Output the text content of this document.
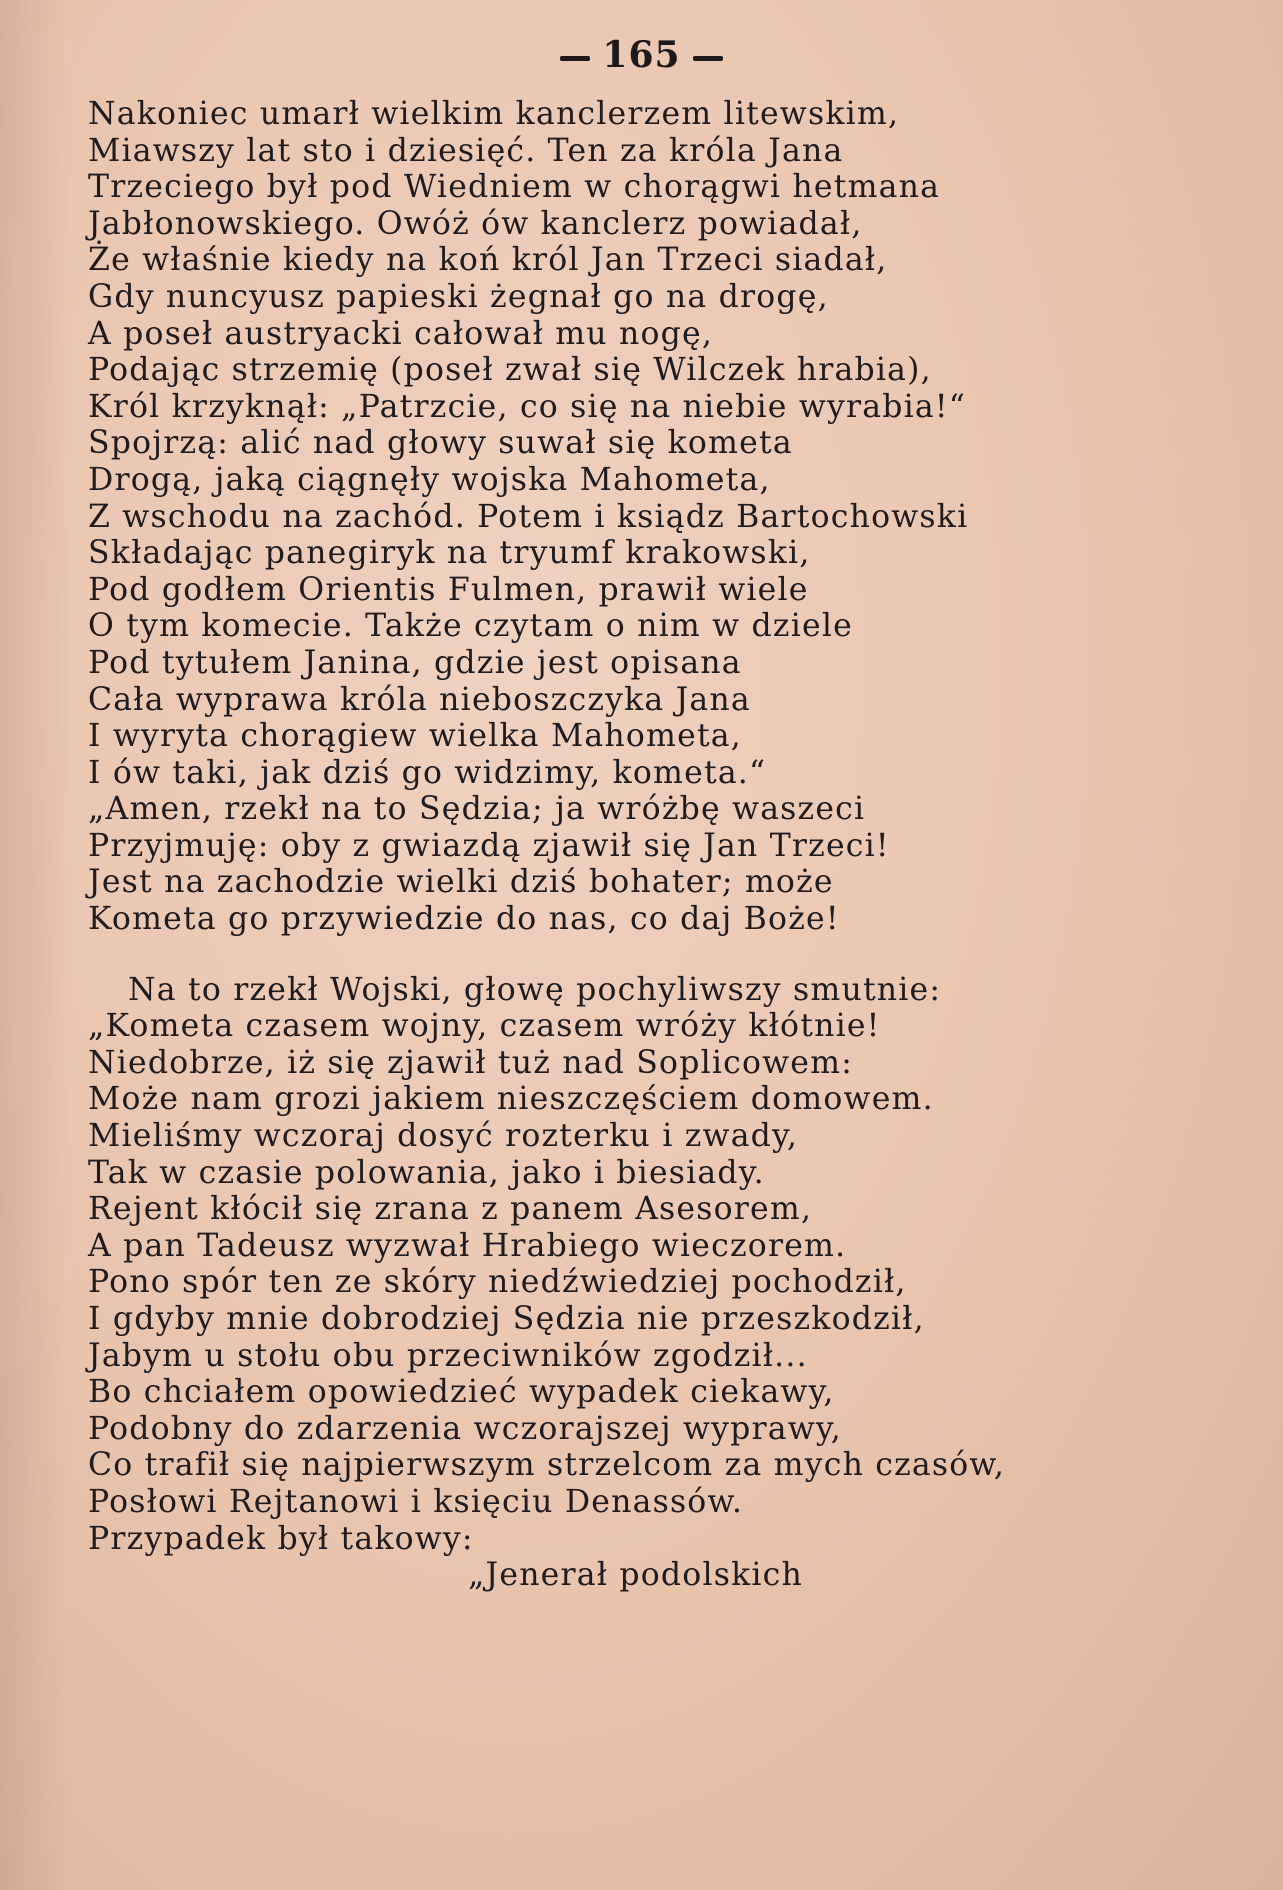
165
Nakoniec umarł wielkim kanclerzem litewskim,
Miawszy lat sto i dziesięć. Ten za króla Jana
Trzeciego był pod Wiedniem w chorągwi hetmana
Jabłonowskiego. Owóż ów kanclerz powiadał,
Że właśnie kiedy na koń król Jan Trzeci siadał,
Gdy nuncyusz papieski żegnał go na drogę,
A poseł austryacki całował mu nogę,
Podając strzemię (poseł zwał się Wilczek hrabia),
Król krzyknął: „Patrzcie, co się na niebie wyrabia!“
Spojrzą: alić nad głowy suwał się kometa
Drogą, jaką ciągnęły wojska Mahometa,
Z wschodu na zachód. Potem i ksiądz Bartochowski
Składając panegiryk na tryumf krakowski,
Pod godłem Orientis Fulmen, prawił wiele
O tym komecie. Także czytam o nim w dziele
Pod tytułem Janina, gdzie jest opisana
Cała wyprawa króla nieboszczyka Jana
I wyryta chorągiew wielka Mahometa,
I ów taki, jak dziś go widzimy, kometa.“
„Amen, rzekł na to Sędzia; ja wróżbę waszeci
Przyjmuję: oby z gwiazdą zjawił się Jan Trzeci!
Jest na zachodzie wielki dziś bohater; może
Kometa go przywiedzie do nas, co daj Boże!
Na to rzekł Wojski, głowę pochyliwszy smutnie:
„Kometa czasem wojny, czasem wróży kłótnie!
Niedobrze, iż się zjawił tuż nad Soplicowem:
Może nam grozi jakiem nieszczęściem domowem.
Mieliśmy wczoraj dosyć rozterku i zwady,
Tak w czasie polowania, jako i biesiady.
Rejent kłócił się zrana z panem Asesorem,
A pan Tadeusz wyzwał Hrabiego wieczorem.
Pono spór ten ze skóry niedźwiedziej pochodził,
I gdyby mnie dobrodziej Sędzia nie przeszkodził,
Jabym u stołu obu przeciwników zgodził...
Bo chciałem opowiedzieć wypadek ciekawy,
Podobny do zdarzenia wczorajszej wyprawy,
Co trafił się najpierwszym strzelcom za mych czasów,
Posłowi Rejtanowi i księciu Denassów.
Przypadek był takowy:
„Jenerał podolskich
